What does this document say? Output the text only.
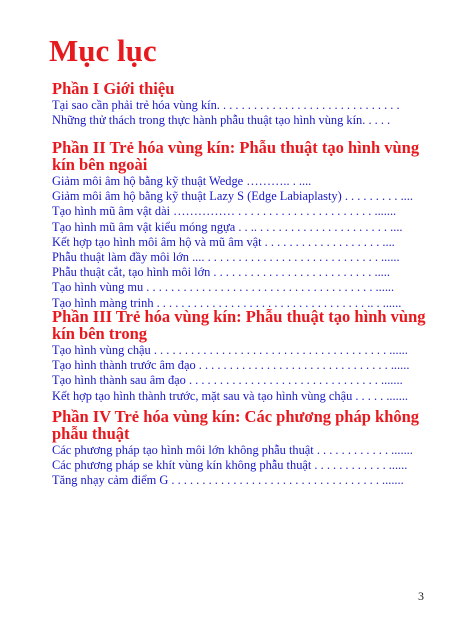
Mục lục
Phần I Giới thiệu
Tại sao cần phải trẻ hóa vùng kín. . . . . . . . . . . . . . . . . . . . . . . . . . . . . .
Những thử thách trong thực hành phẫu thuật tạo hình vùng kín. . . . .
Phần II Trẻ hóa vùng kín: Phẫu thuật tạo hình vùng kín bên ngoài
Giảm môi âm hộ bằng kỹ thuật Wedge ……….. . ....
Giảm môi âm hộ bằng kỹ thuật Lazy S (Edge Labiaplasty) . . . . . . . . . ....
Tạo hình mũ âm vật dài …………… . . . . . . . . . . . . . . . . . . . . . . .......
Tạo hình mũ âm vật kiểu móng ngựa . . .. . . . . . . . . . . . . . . . . . . . . . ....
Kết hợp tạo hình môi âm hộ và mũ âm vật . . . . . . . . . . . . . . . . . . . ....
Phẫu thuật làm đầy môi lớn .... . . . . . . . . . . . . . . . . . . . . . . . . . . . . ......
Phẫu thuật cắt, tạo hình môi lớn . . . . . . . . . . . . . . . . . . . . . . . . . . .....
Tạo hình vùng mu . . . . . . . . . . . . . . . . . . . . . . . . . . . . . . . . . . . . . ......
Tạo hình màng trinh . . . . . . . . . . . . . . . . . . . . . . . . . . . . . . . . . . .. . ......
Phần III Trẻ hóa vùng kín: Phẫu thuật tạo hình vùng kín bên trong
Tạo hình vùng chậu . . . . . . . . . . . . . . . . . . . . . . . . . . . . . . . . . . . . . . ......
Tạo hình thành trước âm đạo . . . . . . . . . . . . . . . . . . . . . . . . . . . . . . . ......
Tạo hình thành sau âm đạo . . . . . . . . . . . . . . . . . . . . . . . . . . . . . . . .......
Kết hợp tạo hình thành trước, mặt sau và tạo hình vùng chậu . . . . . .......
Phần IV Trẻ hóa vùng kín: Các phương pháp không phẫu thuật
Các phương pháp tạo hình môi lớn không phẫu thuật . . . . . . . . . . . . .......
Các phương pháp se khít vùng kín không phẫu thuật . . . . . . . . . . . . ......
Tăng nhạy cảm điểm G . . . . . . . . . . . . . . . . . . . . . . . . . . . . . . . . . . .......
3
